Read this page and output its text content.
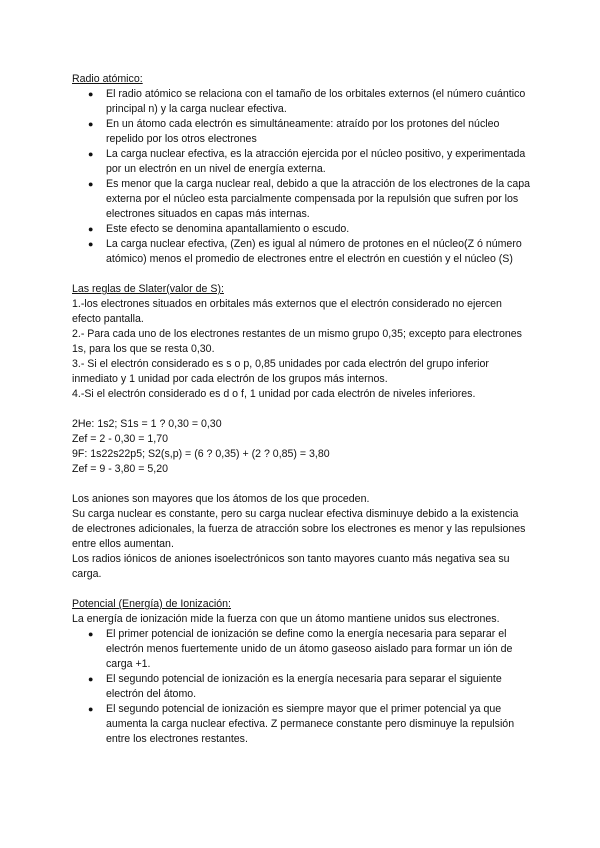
Radio atómico:

● El radio atómico se relaciona con el tamaño de los orbitales externos (el número cuántico principal n) y la carga nuclear efectiva.
● En un átomo cada electrón es simultáneamente: atraído por los protones del núcleo repelido por los otros electrones
● La carga nuclear efectiva, es la atracción ejercida por el núcleo positivo, y experimentada por un electrón en un nivel de energía externa.
● Es menor que la carga nuclear real, debido a que la atracción de los electrones de la capa externa por el núcleo esta parcialmente compensada por la repulsión que sufren por los electrones situados en capas más internas.
● Este efecto se denomina apantallamiento o escudo.
● La carga nuclear efectiva, (Zen) es igual al número de protones en el núcleo(Z ó número atómico) menos el promedio de electrones entre el electrón en cuestión y el núcleo (S)

Las reglas de Slater(valor de S):

1.-los electrones situados en orbitales más externos que el electrón considerado no ejercen efecto pantalla.

2.- Para cada uno de los electrones restantes de un mismo grupo 0,35; excepto para electrones 1s, para los que se resta 0,30.

3.- Si el electrón considerado es s o p, 0,85 unidades por cada electrón del grupo inferior inmediato y 1 unidad por cada electrón de los grupos más internos.

4.-Si el electrón considerado es d o f, 1 unidad por cada electrón de niveles inferiores.

2He: 1s2; S1s = 1 ? 0,30 = 0,30

Zef = 2 - 0,30 = 1,70

9F: 1s22s22p5; S2(s,p) = (6 ? 0,35) + (2 ? 0,85) = 3,80

Zef = 9 - 3,80 = 5,20

Los aniones son mayores que los átomos de los que proceden.

Su carga nuclear es constante, pero su carga nuclear efectiva disminuye debido a la existencia de electrones adicionales, la fuerza de atracción sobre los electrones es menor y las repulsiones entre ellos aumentan.

Los radios iónicos de aniones isoelectrónicos son tanto mayores cuanto más negativa sea su carga.

Potencial (Energía) de Ionización:

La energía de ionización mide la fuerza con que un átomo mantiene unidos sus electrones.

● El primer potencial de ionización se define como la energía necesaria para separar el electrón menos fuertemente unido de un átomo gaseoso aislado para formar un ión de carga +1.
● El segundo potencial de ionización es la energía necesaria para separar el siguiente electrón del átomo.
● El segundo potencial de ionización es siempre mayor que el primer potencial ya que aumenta la carga nuclear efectiva. Z permanece constante pero disminuye la repulsión entre los electrones restantes.
